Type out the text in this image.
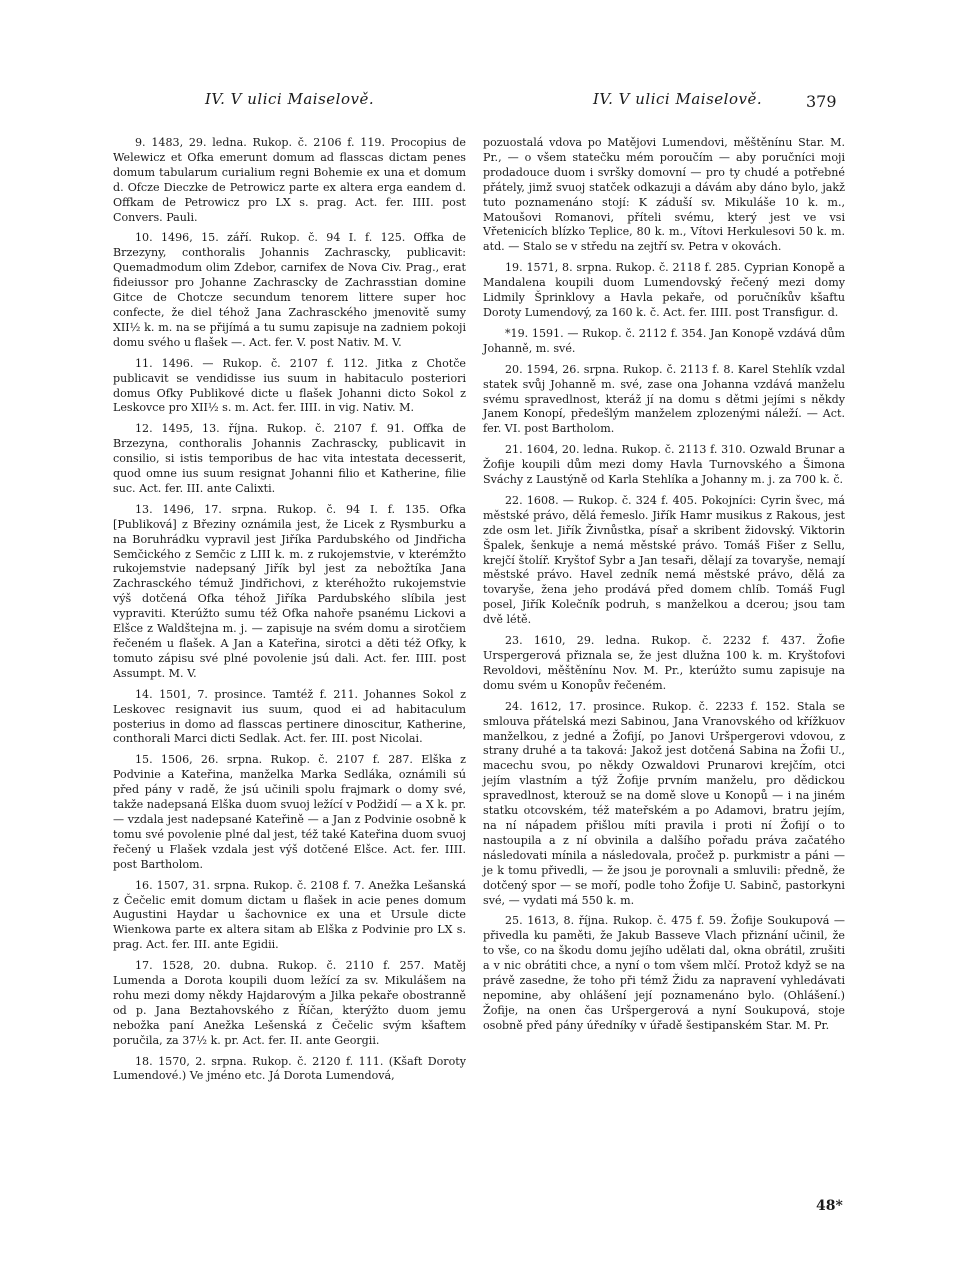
IV. V ulici Maiselově.	IV. V ulici Maiselově.	379

9. 1483, 29. ledna. Rukop. č. 2106 f. 119. Procopius de Welewicz et Ofka emerunt domum ad flasscas dictam penes domum tabularum curialium regni Bohemie ex una et domum d. Ofcze Dieczke de Petrowicz parte ex altera erga eandem d. Offkam de Petrowicz pro LX s. prag. Act. fer. IIII. post Convers. Pauli.

10. 1496, 15. září. Rukop. č. 94 I. f. 125. Offka de Brzezyny, conthoralis Johannis Zachrascky, publicavit: Quemadmodum olim Zdebor, carnifex de Nova Civ. Prag., erat fideiussor pro Johanne Zachrascky de Zachrasstian domine Gitce de Chotcze secundum tenorem littere super hoc confecte, že diel téhož Jana Zachrasckého jmenovitě sumy XII½ k. m. na se přijímá a tu sumu zapisuje na zadniem pokoji domu svého u flašek —. Act. fer. V. post Nativ. M. V.

11. 1496. — Rukop. č. 2107 f. 112. Jitka z Chotče publicavit se vendidisse ius suum in habitaculo posteriori domus Ofky Publikové dicte u flašek Johanni dicto Sokol z Leskovce pro XII½ s. m. Act. fer. IIII. in vig. Nativ. M.

12. 1495, 13. října. Rukop. č. 2107 f. 91. Offka de Brzezyna, conthoralis Johannis Zachrascky, publicavit in consilio, si istis temporibus de hac vita intestata decesserit, quod omne ius suum resignat Johanni filio et Katherine, filie suc. Act. fer. III. ante Calixti.

13. 1496, 17. srpna. Rukop. č. 94 I. f. 135. Ofka [Publiková] z Březiny oznámila jest, že Licek z Rysmburku a na Boruhrádku vypravil jest Jiříka Pardubského od Jindřicha Semčického z Semčic z LIII k. m. z rukojemstvie, v kterémžto rukojemstvie nadepsaný Jiřík byl jest za nebožtíka Jana Zachrasckého témuž Jindřichovi, z kteréhožto rukojemstvie výš dotčená Ofka téhož Jiříka Pardubského slíbila jest vypraviti. Kterúžto sumu též Ofka nahoře psanému Lickovi a Elšce z Waldštejna m. j. — zapisuje na svém domu a sirotčiem řečeném u flašek. A Jan a Kateřina, sirotci a děti též Ofky, k tomuto zápisu své plné povolenie jsú dali. Act. fer. IIII. post Assumpt. M. V.

14. 1501, 7. prosince. Tamtéž f. 211. Johannes Sokol z Leskovec resignavit ius suum, quod ei ad habitaculum posterius in domo ad flasscas pertinere dinoscitur, Katherine, conthorali Marci dicti Sedlak. Act. fer. III. post Nicolai.

15. 1506, 26. srpna. Rukop. č. 2107 f. 287. Elška z Podvinie a Kateřina, manželka Marka Sedláka, oznámili sú před pány v radě, že jsú učinili spolu frajmark o domy své, takže nadepsaná Elška duom svuoj ležící v Podžidí — a X k. pr. — vzdala jest nadepsané Kateřině — a Jan z Podvinie osobně k tomu své povolenie plné dal jest, též také Kateřina duom svuoj řečený u Flašek vzdala jest výš dotčené Elšce. Act. fer. IIII. post Bartholom.

16. 1507, 31. srpna. Rukop. č. 2108 f. 7. Anežka Lešanská z Čečelic emit domum dictam u flašek in acie penes domum Augustini Haydar u šachovnice ex una et Ursule dicte Wienkowa parte ex altera sitam ab Elška z Podvinie pro LX s. prag. Act. fer. III. ante Egidii.

17. 1528, 20. dubna. Rukop. č. 2110 f. 257. Matěj Lumenda a Dorota koupili duom ležící za sv. Mikulášem na rohu mezi domy někdy Hajdarovým a Jilka pekaře obostranně od p. Jana Beztahovského z Říčan, kterýžto duom jemu nebožka paní Anežka Lešenská z Čečelic svým kšaftem poručila, za 37½ k. pr. Act. fer. II. ante Georgii.

18. 1570, 2. srpna. Rukop. č. 2120 f. 111. (Kšaft Doroty Lumendové.) Ve jméno etc. Já Dorota Lumendová,

pozuostalá vdova po Matějovi Lumendovi, měštěnínu Star. M. Pr., — o všem statečku mém poroučím — aby poručníci moji prodadouce duom i svršky domovní — pro ty chudé a potřebné přátely, jimž svuoj statček odkazuji a dávám aby dáno bylo, jakž tuto poznamenáno stojí: K záduší sv. Mikuláše 10 k. m., Matoušovi Romanovi, příteli svému, který jest ve vsi Vřetenicích blízko Teplice, 80 k. m., Vítovi Herkulesovi 50 k. m. atd. — Stalo se v středu na zejtří sv. Petra v okovách.

19. 1571, 8. srpna. Rukop. č. 2118 f. 285. Cyprian Konopě a Mandalena koupili duom Lumendovský řečený mezi domy Lidmily Šprinklovy a Havla pekaře, od poručníkův kšaftu Doroty Lumendový, za 160 k. č. Act. fer. IIII. post Transfigur. d.

*19. 1591. — Rukop. č. 2112 f. 354. Jan Konopě vzdává dům Johanně, m. své.

20. 1594, 26. srpna. Rukop. č. 2113 f. 8. Karel Stehlík vzdal statek svůj Johanně m. své, zase ona Johanna vzdává manželu svému spravedlnost, kteráž jí na domu s dětmi jejími s někdy Janem Konopí, předešlým manželem zplozenými náleží. — Act. fer. VI. post Bartholom.

21. 1604, 20. ledna. Rukop. č. 2113 f. 310. Ozwald Brunar a Žofije koupili dům mezi domy Havla Turnovského a Šimona Sváchy z Laustýně od Karla Stehlíka a Johanny m. j. za 700 k. č.

22. 1608. — Rukop. č. 324 f. 405. Pokojníci: Cyrin švec, má městské právo, dělá řemeslo. Jiřík Hamr musikus z Rakous, jest zde osm let. Jiřík Živnůstka, písař a skribent židovský. Viktorin Špalek, šenkuje a nemá městské právo. Tomáš Fišer z Sellu, krejčí štolíř. Kryštof Sybr a Jan tesaři, dělají za tovaryše, nemají městské právo. Havel zedník nemá městské právo, dělá za tovaryše, žena jeho prodává před domem chlíb. Tomáš Fugl posel, Jiřík Kolečník podruh, s manželkou a dcerou; jsou tam dvě létě.

23. 1610, 29. ledna. Rukop. č. 2232 f. 437. Žofie Urspergerová přiznala se, že jest dlužna 100 k. m. Kryštofovi Revoldovi, měštěnínu Nov. M. Pr., kterúžto sumu zapisuje na domu svém u Konopův řečeném.

24. 1612, 17. prosince. Rukop. č. 2233 f. 152. Stala se smlouva přátelská mezi Sabinou, Jana Vranovského od křížkuov manželkou, z jedné a Žofijí, po Janovi Uršpergerovi vdovou, z strany druhé a ta taková: Jakož jest dotčená Sabina na Žofii U., macechu svou, po někdy Ozwaldovi Prunarovi krejčím, otci jejím vlastním a týž Žofije prvním manželu, pro dědickou spravedlnost, kterouž se na domě slove u Konopů — i na jiném statku otcovském, též mateřském a po Adamovi, bratru jejím, na ní nápadem přišlou míti pravila i proti ní Žofijí o to nastoupila a z ní obvinila a dalšího pořadu práva začatého následovati mínila a následovala, pročež p. purkmistr a páni — je k tomu přivedli, — že jsou je porovnali a smluvili: předně, že dotčený spor — se moří, podle toho Žofije U. Sabinč, pastorkyni své, — vydati má 550 k. m.

25. 1613, 8. října. Rukop. č. 475 f. 59. Žofije Soukupová — přivedla ku paměti, že Jakub Basseve Vlach přiznání učinil, že to vše, co na škodu domu jejího udělati dal, okna obrátil, zrušiti a v nic obrátiti chce, a nyní o tom všem mlčí. Protož když se na právě zasedne, že toho při témž Židu za napravení vyhledávati nepomine, aby ohlášení její poznamenáno bylo. (Ohlášení.) Žofije, na onen čas Uršpergerová a nyní Soukupová, stoje osobně před pány úředníky v úřadě šestipanském Star. M. Pr.

48*
